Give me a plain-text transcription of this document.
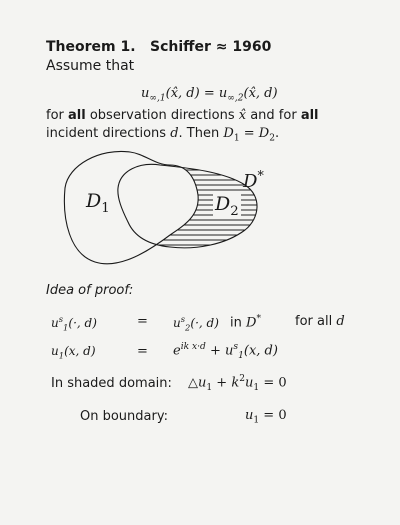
Theorem 1. Schiffer ≈ 1960
Assume that
$u_{\infty,1}(x̂$, $d) = u_{\infty,2}(x̂$, d)
for all observation directions x̂ and for all
incident directions d. Then $D_1 = D_2$.
D*
$D_1$	$D_2$
Idea of proof:
$u^s_1(\cdot$, d)	= $u^s_2(\cdot$, d) in D*	for all d
$u_1(x$, d)	= $e^{ik x\cdot d} + u^s_1(x$, d)
In shaded domain: $\triangle u_1 + k^2u_1 = 0$
On boundary:	$u_1 = 0$
